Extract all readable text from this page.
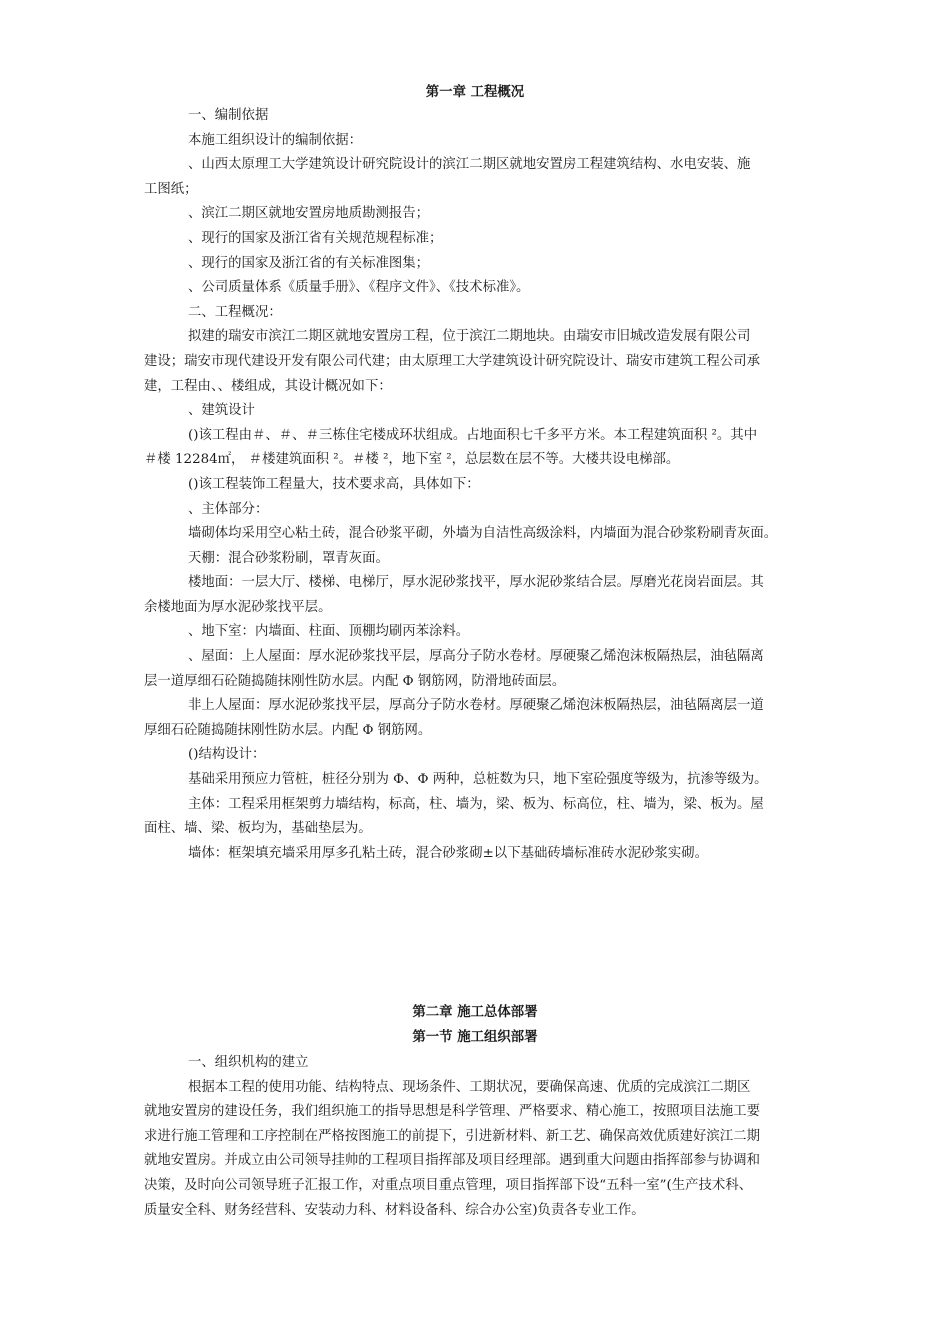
第一章 工程概况
一、编制依据
本施工组织设计的编制依据：
、山西太原理工大学建筑设计研究院设计的滨江二期区就地安置房工程建筑结构、水电安装、施
工图纸；
、滨江二期区就地安置房地质勘测报告；
、现行的国家及浙江省有关规范规程标准；
、现行的国家及浙江省的有关标准图集；
、公司质量体系《质量手册》、《程序文件》、《技术标准》。
二、工程概况：
拟建的瑞安市滨江二期区就地安置房工程，位于滨江二期地块。由瑞安市旧城改造发展有限公司
建设；瑞安市现代建设开发有限公司代建；由太原理工大学建筑设计研究院设计、瑞安市建筑工程公司承
建，工程由、、楼组成，其设计概况如下：
、建筑设计
()该工程由＃、＃、＃三栋住宅楼成环状组成。占地面积七千多平方米。本工程建筑面积 ²。其中
＃楼 12284㎡， ＃楼建筑面积 ²。＃楼 ²，地下室 ²，总层数在层不等。大楼共设电梯部。
()该工程装饰工程量大，技术要求高，具体如下：
、主体部分：
墙砌体均采用空心粘土砖，混合砂浆平砌，外墙为自洁性高级涂料，内墙面为混合砂浆粉刷青灰面。
天棚：混合砂浆粉刷，罩青灰面。
楼地面：一层大厅、楼梯、电梯厅，厚水泥砂浆找平，厚水泥砂浆结合层。厚磨光花岗岩面层。其
余楼地面为厚水泥砂浆找平层。
、地下室：内墙面、柱面、顶棚均刷丙苯涂料。
、屋面：上人屋面：厚水泥砂浆找平层，厚高分子防水卷材。厚硬聚乙烯泡沫板隔热层，油毡隔离
层一道厚细石砼随捣随抹刚性防水层。内配 Φ 钢筋网，防滑地砖面层。
非上人屋面：厚水泥砂浆找平层，厚高分子防水卷材。厚硬聚乙烯泡沫板隔热层，油毡隔离层一道
厚细石砼随捣随抹刚性防水层。内配 Φ 钢筋网。
()结构设计：
基础采用预应力管桩，桩径分别为 Φ、Φ 两种，总桩数为只，地下室砼强度等级为，抗渗等级为。
主体：工程采用框架剪力墙结构，标高，柱、墙为，梁、板为、标高位，柱、墙为，梁、板为。屋
面柱、墙、梁、板均为，基础垫层为。
墙体：框架填充墙采用厚多孔粘土砖，混合砂浆砌±以下基础砖墙标准砖水泥砂浆实砌。
第二章 施工总体部署
第一节 施工组织部署
一、组织机构的建立
根据本工程的使用功能、结构特点、现场条件、工期状况，要确保高速、优质的完成滨江二期区
就地安置房的建设任务，我们组织施工的指导思想是科学管理、严格要求、精心施工，按照项目法施工要
求进行施工管理和工序控制在严格按图施工的前提下，引进新材料、新工艺、确保高效优质建好滨江二期
就地安置房。并成立由公司领导挂帅的工程项目指挥部及项目经理部。遇到重大问题由指挥部参与协调和
决策，及时向公司领导班子汇报工作，对重点项目重点管理，项目指挥部下设“五科一室”(生产技术科、
质量安全科、财务经营科、安装动力科、材料设备科、综合办公室)负责各专业工作。
